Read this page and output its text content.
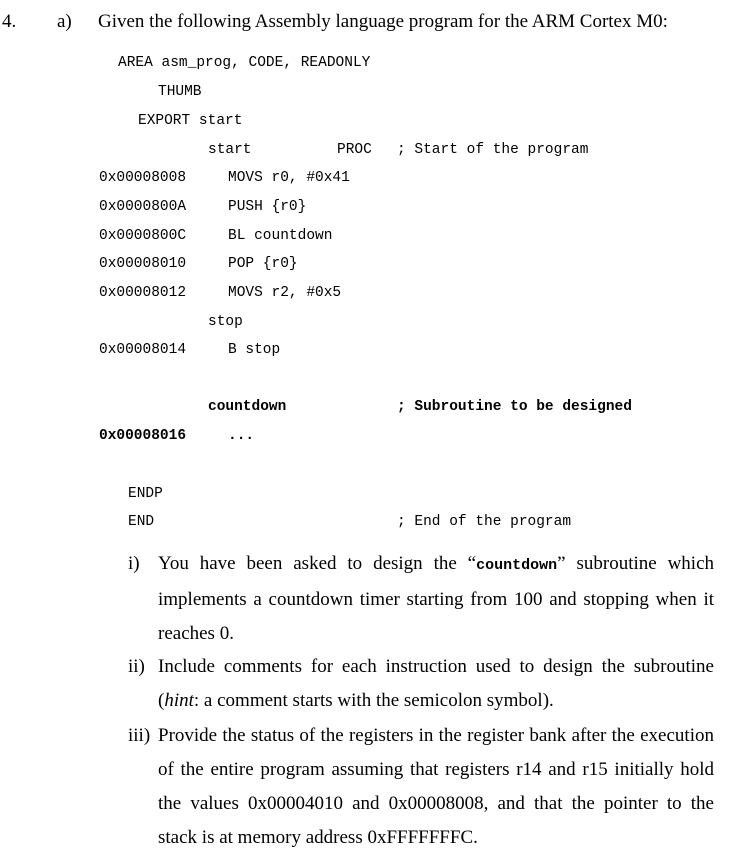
4. a) Given the following Assembly language program for the ARM Cortex M0:
AREA asm_prog, CODE, READONLY
THUMB
EXPORT start
start	PROC ; Start of the program
0x00008008	MOVS r0, #0x41
0x0000800A	PUSH {r0}
0x0000800C	BL countdown
0x00008010	POP {r0}
0x00008012	MOVS r2, #0x5
stop
0x00008014	B stop
countdown	; Subroutine to be designed
0x00008016	...
ENDP
END	; End of the program
i) You have been asked to design the “countdown” subroutine which implements a countdown timer starting from 100 and stopping when it reaches 0.
ii) Include comments for each instruction used to design the subroutine (hint: a comment starts with the semicolon symbol).
iii) Provide the status of the registers in the register bank after the execution of the entire program assuming that registers r14 and r15 initially hold the values 0x00004010 and 0x00008008, and that the pointer to the stack is at memory address 0xFFFFFFFC.
